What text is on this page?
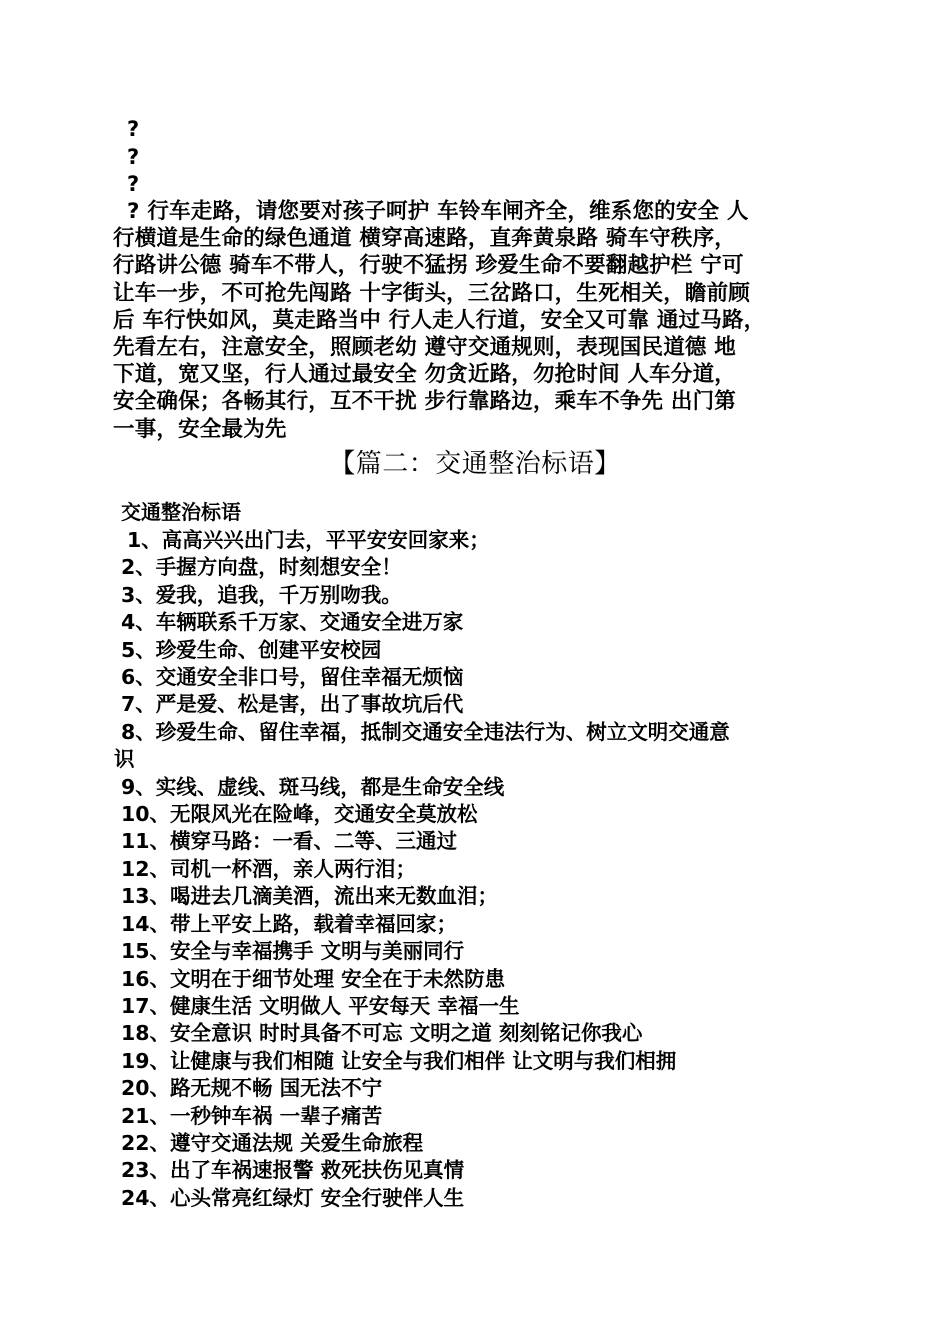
?
?
?
? 行车走路，请您要对孩子呵护 车铃车闸齐全，维系您的安全 人
行横道是生命的绿色通道 横穿高速路，直奔黄泉路 骑车守秩序，
行路讲公德 骑车不带人，行驶不猛拐 珍爱生命不要翻越护栏 宁可
让车一步，不可抢先闯路 十字街头，三岔路口，生死相关，瞻前顾
后 车行快如风，莫走路当中 行人走人行道，安全又可靠 通过马路，
先看左右，注意安全，照顾老幼 遵守交通规则，表现国民道德 地
下道，宽又坚，行人通过最安全 勿贪近路，勿抢时间 人车分道，
安全确保；各畅其行，互不干扰 步行靠路边，乘车不争先 出门第
一事，安全最为先
【篇二：交通整治标语】
交通整治标语
1、高高兴兴出门去，平平安安回家来；
2、手握方向盘，时刻想安全！
3、爱我，追我，千万别吻我。
4、车辆联系千万家、交通安全进万家
5、珍爱生命、创建平安校园
6、交通安全非口号，留住幸福无烦恼
7、严是爱、松是害，出了事故坑后代
8、珍爱生命、留住幸福，抵制交通安全违法行为、树立文明交通意
识
9、实线、虚线、斑马线，都是生命安全线
10、无限风光在险峰，交通安全莫放松
11、横穿马路：一看、二等、三通过
12、司机一杯酒，亲人两行泪；
13、喝进去几滴美酒，流出来无数血泪；
14、带上平安上路，载着幸福回家；
15、安全与幸福携手 文明与美丽同行
16、文明在于细节处理 安全在于未然防患
17、健康生活 文明做人 平安每天 幸福一生
18、安全意识 时时具备不可忘 文明之道 刻刻铭记你我心
19、让健康与我们相随 让安全与我们相伴 让文明与我们相拥
20、路无规不畅 国无法不宁
21、一秒钟车祸 一辈子痛苦
22、遵守交通法规 关爱生命旅程
23、出了车祸速报警 救死扶伤见真情
24、心头常亮红绿灯 安全行驶伴人生
